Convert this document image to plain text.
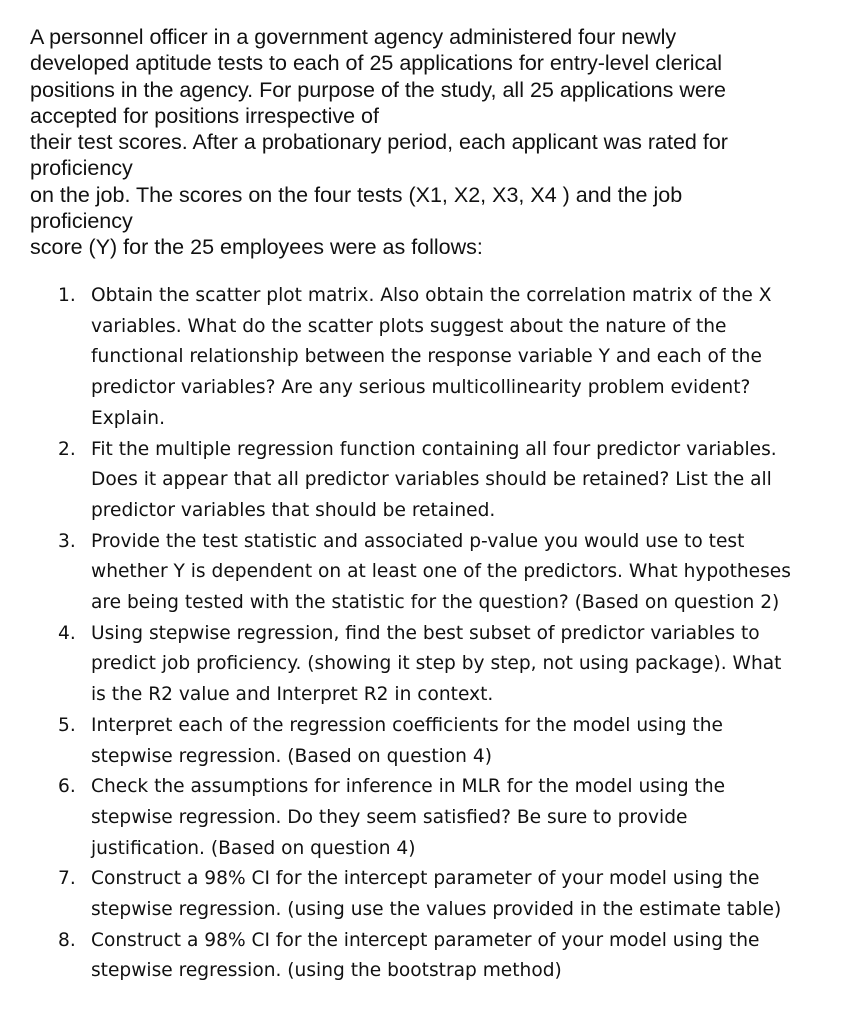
A personnel officer in a government agency administered four newly
developed aptitude tests to each of 25 applications for entry-level clerical
positions in the agency. For purpose of the study, all 25 applications were
accepted for positions irrespective of
their test scores. After a probationary period, each applicant was rated for
proficiency
on the job. The scores on the four tests (X1, X2, X3, X4 ) and the job
proficiency
score (Y) for the 25 employees were as follows:
1. Obtain the scatter plot matrix. Also obtain the correlation matrix of the X
variables. What do the scatter plots suggest about the nature of the
functional relationship between the response variable Y and each of the
predictor variables? Are any serious multicollinearity problem evident?
Explain.
2. Fit the multiple regression function containing all four predictor variables.
Does it appear that all predictor variables should be retained? List the all
predictor variables that should be retained.
3. Provide the test statistic and associated p-value you would use to test
whether Y is dependent on at least one of the predictors. What hypotheses
are being tested with the statistic for the question? (Based on question 2)
4. Using stepwise regression, find the best subset of predictor variables to
predict job proficiency. (showing it step by step, not using package). What
is the R2 value and Interpret R2 in context.
5. Interpret each of the regression coefficients for the model using the
stepwise regression. (Based on question 4)
6. Check the assumptions for inference in MLR for the model using the
stepwise regression. Do they seem satisfied? Be sure to provide
justification. (Based on question 4)
7. Construct a 98% CI for the intercept parameter of your model using the
stepwise regression. (using use the values provided in the estimate table)
8. Construct a 98% CI for the intercept parameter of your model using the
stepwise regression. (using the bootstrap method)
